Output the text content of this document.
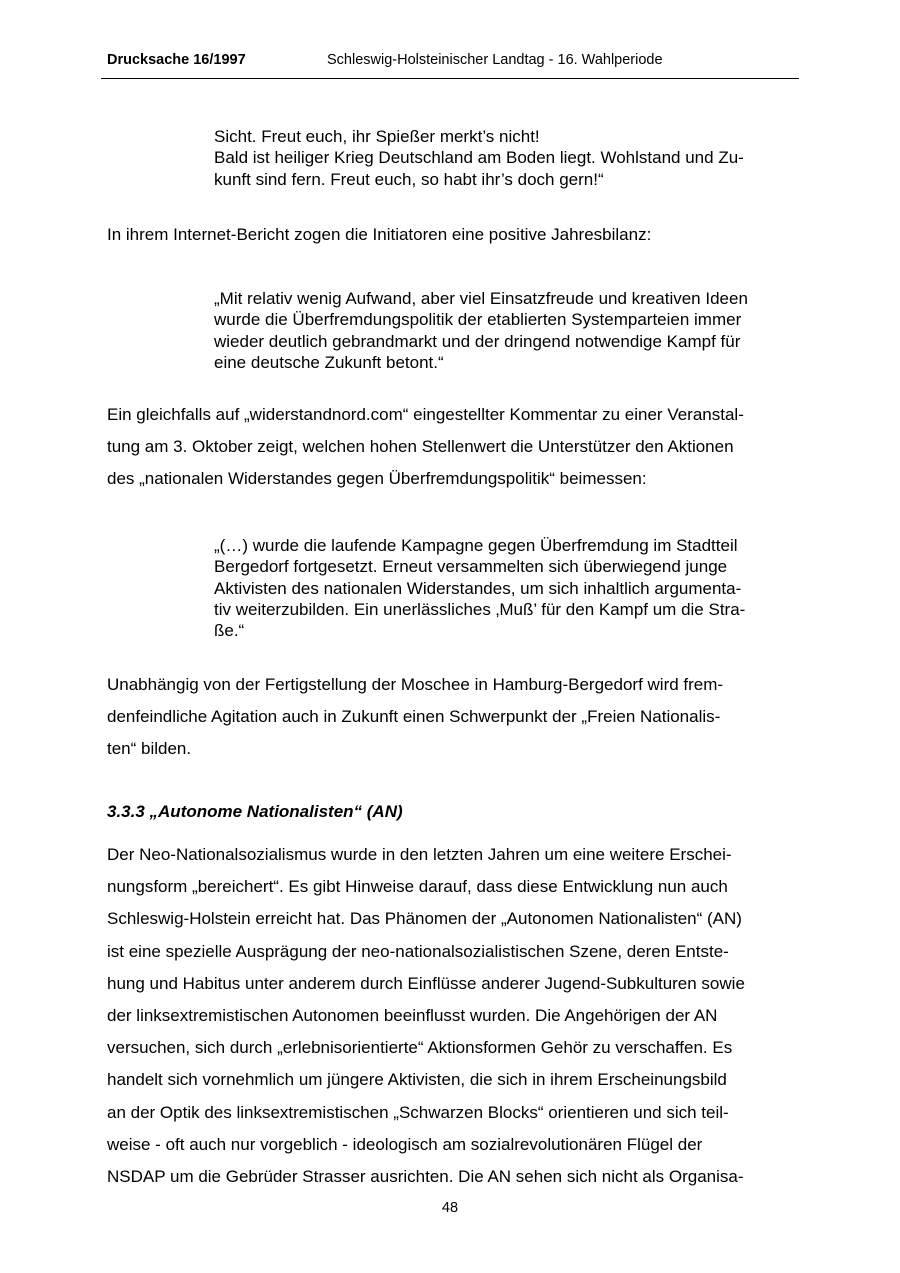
Drucksache 16/1997	Schleswig-Holsteinischer Landtag - 16. Wahlperiode
Sicht. Freut euch, ihr Spießer merkt’s nicht!
Bald ist heiliger Krieg Deutschland am Boden liegt. Wohlstand und Zu-
kunft sind fern. Freut euch, so habt ihr’s doch gern!“
In ihrem Internet-Bericht zogen die Initiatoren eine positive Jahresbilanz:
„Mit relativ wenig Aufwand, aber viel Einsatzfreude und kreativen Ideen
wurde die Überfremdungspolitik der etablierten Systemparteien immer
wieder deutlich gebrandmarkt und der dringend notwendige Kampf für
eine deutsche Zukunft betont.“
Ein gleichfalls auf „widerstandnord.com“ eingestellter Kommentar zu einer Veranstal-
tung am 3. Oktober zeigt, welchen hohen Stellenwert die Unterstützer den Aktionen
des „nationalen Widerstandes gegen Überfremdungspolitik“ beimessen:
„(…) wurde die laufende Kampagne gegen Überfremdung im Stadtteil
Bergedorf fortgesetzt. Erneut versammelten sich überwiegend junge
Aktivisten des nationalen Widerstandes, um sich inhaltlich argumenta-
tiv weiterzubilden. Ein unerlässliches ‚Muß’ für den Kampf um die Stra-
ße.“
Unabhängig von der Fertigstellung der Moschee in Hamburg-Bergedorf wird frem-
denfeindliche Agitation auch in Zukunft einen Schwerpunkt der „Freien Nationalis-
ten“ bilden.
3.3.3 „Autonome Nationalisten“ (AN)
Der Neo-Nationalsozialismus wurde in den letzten Jahren um eine weitere Erschei-
nungsform „bereichert“. Es gibt Hinweise darauf, dass diese Entwicklung nun auch
Schleswig-Holstein erreicht hat. Das Phänomen der „Autonomen Nationalisten“ (AN)
ist eine spezielle Ausprägung der neo-nationalsozialistischen Szene, deren Entste-
hung und Habitus unter anderem durch Einflüsse anderer Jugend-Subkulturen sowie
der linksextremistischen Autonomen beeinflusst wurden. Die Angehörigen der AN
versuchen, sich durch „erlebnisorientierte“ Aktionsformen Gehör zu verschaffen. Es
handelt sich vornehmlich um jüngere Aktivisten, die sich in ihrem Erscheinungsbild
an der Optik des linksextremistischen „Schwarzen Blocks“ orientieren und sich teil-
weise - oft auch nur vorgeblich - ideologisch am sozialrevolutionären Flügel der
NSDAP um die Gebrüder Strasser ausrichten. Die AN sehen sich nicht als Organisa-
48
